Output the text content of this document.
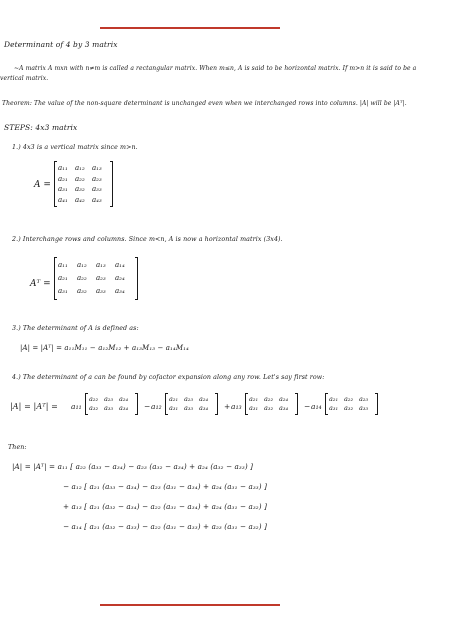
Determinant of 4 by 3 matrix
~A matrix A mxn with n≠m is called a rectangular matrix. When m≤n, A is said to be horizontal matrix. If m>n it is said to be a
vertical matrix.
Theorem: The value of the non-square determinant is unchanged even when we interchanged rows into columns. |A| will be |Aᵀ|.
STEPS: 4x3 matrix
1.) 4x3 is a vertical matrix since m>n.
A =
a₁₁	a₁₂	a₁₃
a₂₁	a₂₂	a₂₃
a₃₁	a₃₂	a₃₃
a₄₁	a₄₂	a₄₃
2.) Interchange rows and columns. Since m<n, A is now a horizontal matrix (3x4).
Aᵀ =
a₁₁	a₁₂	a₁₃	a₁₄
a₂₁	a₂₂	a₂₃	a₂₄
a₃₁	a₃₂	a₃₃	a₃₄
3.) The determinant of A is defined as:
|A| = |Aᵀ| = a₁₁M₁₁ − a₁₂M₁₂ + a₁₃M₁₃ − a₁₄M₁₄
4.) The determinant of a can be found by cofactor expansion along any row. Let's say first row:
|A| = |Aᵀ| = a₁₁
a₂₂ a₂₃ a₂₄
a₃₂ a₃₃ a₃₄	− a₁₂
a₂₁ a₂₃ a₂₄
a₃₁ a₃₃ a₃₄	+ a₁₃
a₂₁ a₂₂ a₂₄
a₃₁ a₃₂ a₃₄	− a₁₄
a₂₁ a₂₂ a₂₃
a₃₁ a₃₂ a₃₃
Then:
|A| = |Aᵀ| = a₁₁ [ a₂₂ (a₃₃ − a₃₄) − a₂₃ (a₃₂ − a₃₄) + a₂₄ (a₃₂ − a₃₃) ]
− a₁₂ [ a₂₁ (a₃₃ − a₃₄) − a₂₃ (a₃₁ − a₃₄) + a₂₄ (a₃₁ − a₃₃) ]
+ a₁₃ [ a₂₁ (a₃₂ − a₃₄) − a₂₂ (a₃₁ − a₃₄) + a₂₄ (a₃₁ − a₃₂) ]
− a₁₄ [ a₂₁ (a₃₂ − a₃₃) − a₂₂ (a₃₁ − a₃₃) + a₂₃ (a₃₁ − a₃₂) ]
